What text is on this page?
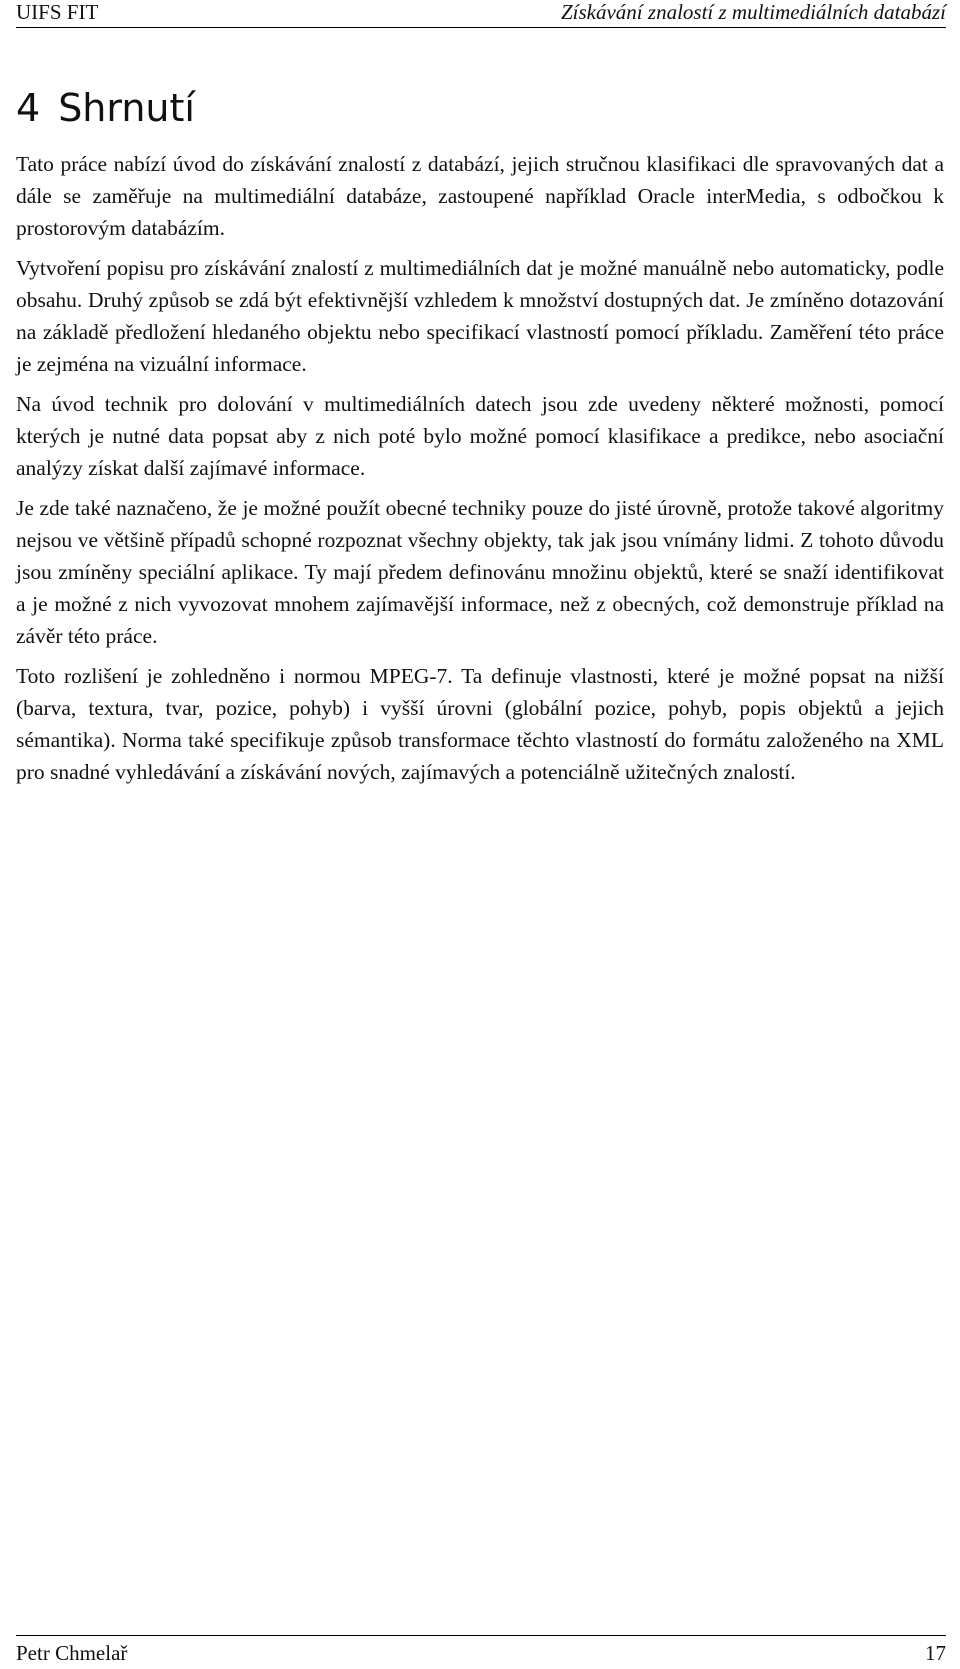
UIFS FIT	Získávání znalostí z multimediálních databází
4 Shrnutí

Tato práce nabízí úvod do získávání znalostí z databází, jejich stručnou klasifikaci dle spravovaných dat a dále se zaměřuje na multimediální databáze, zastoupené například Oracle interMedia, s odbočkou k prostorovým databázím.

Vytvoření popisu pro získávání znalostí z multimediálních dat je možné manuálně nebo automaticky, podle obsahu. Druhý způsob se zdá být efektivnější vzhledem k množství dostupných dat. Je zmíněno dotazování na základě předložení hledaného objektu nebo specifikací vlastností pomocí příkladu. Zaměření této práce je zejména na vizuální informace.

Na úvod technik pro dolování v multimediálních datech jsou zde uvedeny některé možnosti, pomocí kterých je nutné data popsat aby z nich poté bylo možné pomocí klasifikace a predikce, nebo asociační analýzy získat další zajímavé informace.

Je zde také naznačeno, že je možné použít obecné techniky pouze do jisté úrovně, protože takové algoritmy nejsou ve většině případů schopné rozpoznat všechny objekty, tak jak jsou vnímány lidmi. Z tohoto důvodu jsou zmíněny speciální aplikace. Ty mají předem definovánu množinu objektů, které se snaží identifikovat a je možné z nich vyvozovat mnohem zajímavější informace, než z obecných, což demonstruje příklad na závěr této práce.

Toto rozlišení je zohledněno i normou MPEG-7. Ta definuje vlastnosti, které je možné popsat na nižší (barva, textura, tvar, pozice, pohyb) i vyšší úrovni (globální pozice, pohyb, popis objektů a jejich sémantika). Norma také specifikuje způsob transformace těchto vlastností do formátu založeného na XML pro snadné vyhledávání a získávání nových, zajímavých a potenciálně užitečných znalostí.

Petr Chmelař	17
